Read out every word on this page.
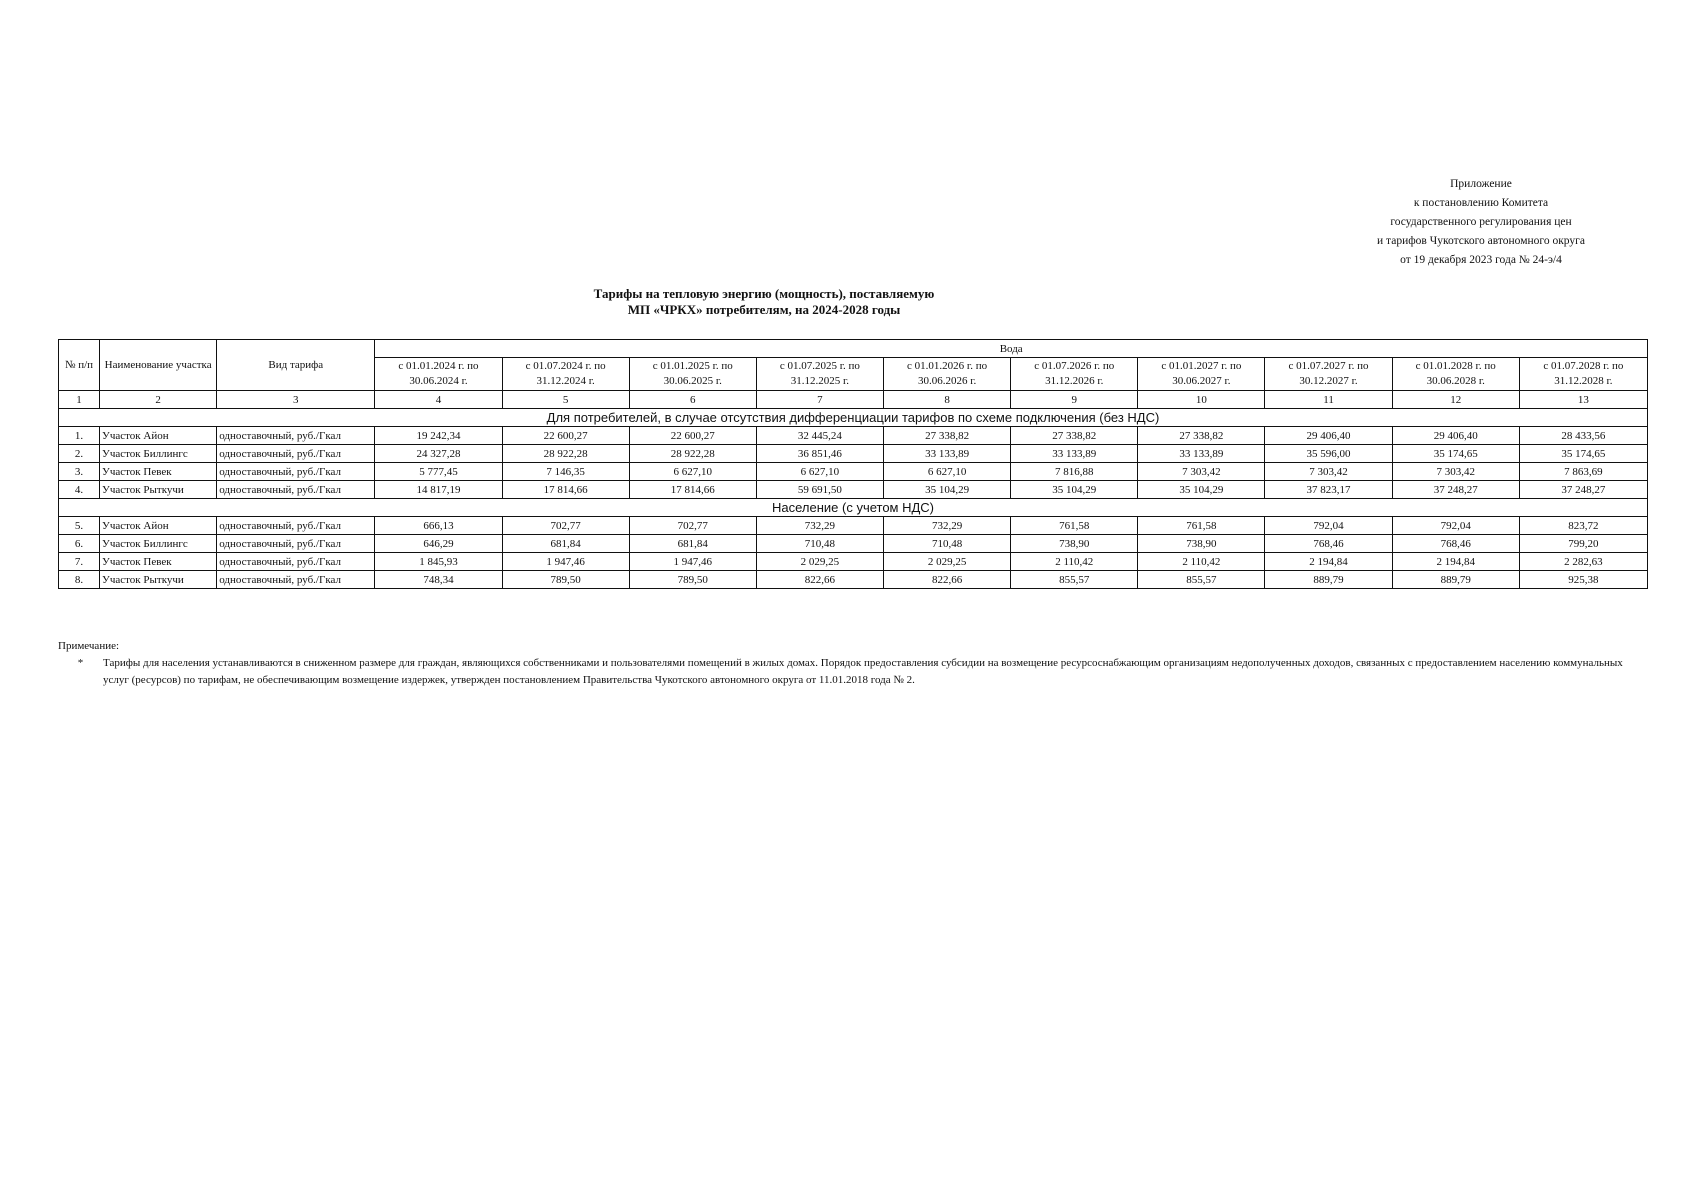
Приложение
к постановлению Комитета
государственного регулирования цен
и тарифов Чукотского автономного округа
от 19 декабря 2023 года № 24-э/4
Тарифы на тепловую энергию (мощность), поставляемую
МП «ЧРКХ» потребителям, на 2024-2028 годы
№ п/п	Наименование участка	Вид тарифа	Вода									
			с 01.01.2024 г. по 30.06.2024 г.	с 01.07.2024 г. по 31.12.2024 г.	с 01.01.2025 г. по 30.06.2025 г.	с 01.07.2025 г. по 31.12.2025 г.	с 01.01.2026 г. по 30.06.2026 г.	с 01.07.2026 г. по 31.12.2026 г.	с 01.01.2027 г. по 30.06.2027 г.	с 01.07.2027 г. по 30.12.2027 г.	с 01.01.2028 г. по 30.06.2028 г.	с 01.07.2028 г. по 31.12.2028 г.
1	2	3	4	5	6	7	8	9	10	11	12	13
Для потребителей, в случае отсутствия дифференциации тарифов по схеме подключения (без НДС)												
1.	Участок Айон	одноставочный, руб./Гкал	19 242,34	22 600,27	22 600,27	32 445,24	27 338,82	27 338,82	27 338,82	29 406,40	29 406,40	28 433,56
2.	Участок Биллингс	одноставочный, руб./Гкал	24 327,28	28 922,28	28 922,28	36 851,46	33 133,89	33 133,89	33 133,89	35 596,00	35 174,65	35 174,65
3.	Участок Певек	одноставочный, руб./Гкал	5 777,45	7 146,35	6 627,10	6 627,10	6 627,10	7 816,88	7 303,42	7 303,42	7 303,42	7 863,69
4.	Участок Рыткучи	одноставочный, руб./Гкал	14 817,19	17 814,66	17 814,66	59 691,50	35 104,29	35 104,29	35 104,29	37 823,17	37 248,27	37 248,27
Население (с учетом НДС)												
5.	Участок Айон	одноставочный, руб./Гкал	666,13	702,77	702,77	732,29	732,29	761,58	761,58	792,04	792,04	823,72
6.	Участок Биллингс	одноставочный, руб./Гкал	646,29	681,84	681,84	710,48	710,48	738,90	738,90	768,46	768,46	799,20
7.	Участок Певек	одноставочный, руб./Гкал	1 845,93	1 947,46	1 947,46	2 029,25	2 029,25	2 110,42	2 110,42	2 194,84	2 194,84	2 282,63
8.	Участок Рыткучи	одноставочный, руб./Гкал	748,34	789,50	789,50	822,66	822,66	855,57	855,57	889,79	889,79	925,38
Примечание:
*	Тарифы для населения устанавливаются в сниженном размере для граждан, являющихся собственниками и пользователями помещений в жилых домах. Порядок предоставления субсидии на возмещение ресурсоснабжающим организациям недополученных доходов, связанных с предоставлением населению коммунальных услуг (ресурсов) по тарифам, не обеспечивающим возмещение издержек, утвержден постановлением Правительства Чукотского автономного округа от 11.01.2018 года № 2.
